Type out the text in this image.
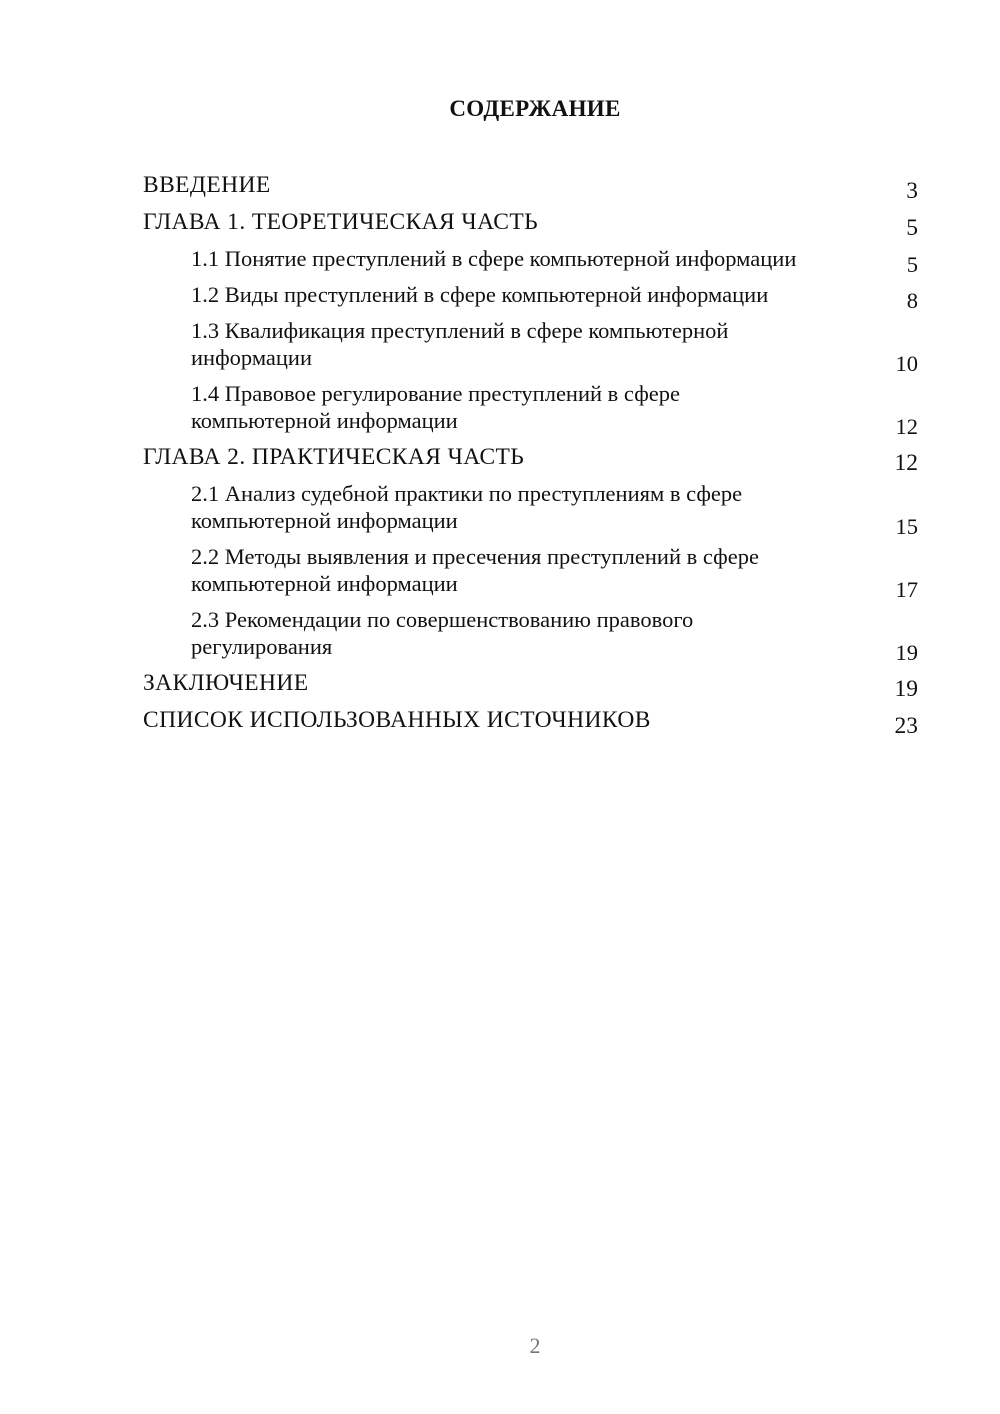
СОДЕРЖАНИЕ
ВВЕДЕНИЕ	3
ГЛАВА 1. ТЕОРЕТИЧЕСКАЯ ЧАСТЬ	5
1.1 Понятие преступлений в сфере компьютерной информации	5
1.2 Виды преступлений в сфере компьютерной информации	8
1.3 Квалификация преступлений в сфере компьютерной информации	10
1.4 Правовое регулирование преступлений в сфере компьютерной информации	12
ГЛАВА 2. ПРАКТИЧЕСКАЯ ЧАСТЬ	12
2.1 Анализ судебной практики по преступлениям в сфере компьютерной информации	15
2.2 Методы выявления и пресечения преступлений в сфере компьютерной информации	17
2.3 Рекомендации по совершенствованию правового регулирования	19
ЗАКЛЮЧЕНИЕ	19
СПИСОК ИСПОЛЬЗОВАННЫХ ИСТОЧНИКОВ	23
2
